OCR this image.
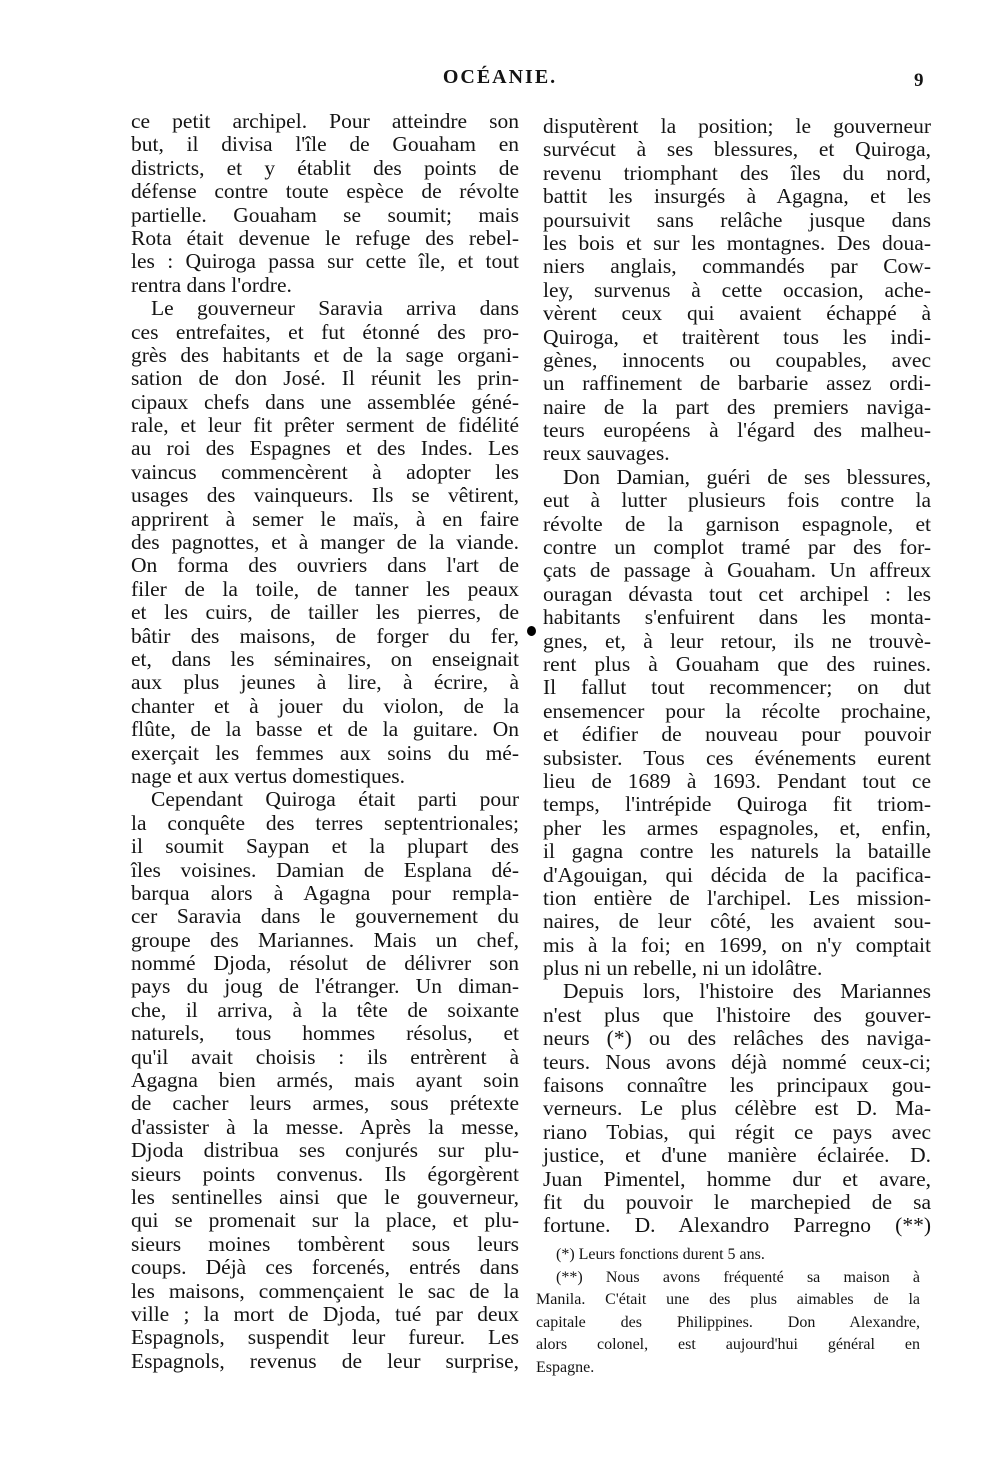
OCÉANIE.	9
ce petit archipel. Pour atteindre son
but, il divisa l'île de Gouaham en
districts, et y établit des points de
défense contre toute espèce de révolte
partielle. Gouaham se soumit; mais
Rota était devenue le refuge des rebel-
les : Quiroga passa sur cette île, et tout
rentra dans l'ordre.
Le gouverneur Saravia arriva dans
ces entrefaites, et fut étonné des pro-
grès des habitants et de la sage organi-
sation de don José. Il réunit les prin-
cipaux chefs dans une assemblée géné-
rale, et leur fit prêter serment de fidélité
au roi des Espagnes et des Indes. Les
vaincus commencèrent à adopter les
usages des vainqueurs. Ils se vêtirent,
apprirent à semer le maïs, à en faire
des pagnottes, et à manger de la viande.
On forma des ouvriers dans l'art de
filer de la toile, de tanner les peaux
et les cuirs, de tailler les pierres, de
bâtir des maisons, de forger du fer,
et, dans les séminaires, on enseignait
aux plus jeunes à lire, à écrire, à
chanter et à jouer du violon, de la
flûte, de la basse et de la guitare. On
exerçait les femmes aux soins du mé-
nage et aux vertus domestiques.
Cependant Quiroga était parti pour
la conquête des terres septentrionales;
il soumit Saypan et la plupart des
îles voisines. Damian de Esplana dé-
barqua alors à Agagna pour rempla-
cer Saravia dans le gouvernement du
groupe des Mariannes. Mais un chef,
nommé Djoda, résolut de délivrer son
pays du joug de l'étranger. Un diman-
che, il arriva, à la tête de soixante
naturels, tous hommes résolus, et
qu'il avait choisis : ils entrèrent à
Agagna bien armés, mais ayant soin
de cacher leurs armes, sous prétexte
d'assister à la messe. Après la messe,
Djoda distribua ses conjurés sur plu-
sieurs points convenus. Ils égorgèrent
les sentinelles ainsi que le gouverneur,
qui se promenait sur la place, et plu-
sieurs moines tombèrent sous leurs
coups. Déjà ces forcenés, entrés dans
les maisons, commençaient le sac de la
ville ; la mort de Djoda, tué par deux
Espagnols, suspendit leur fureur. Les
Espagnols, revenus de leur surprise,
disputèrent la position; le gouverneur
survécut à ses blessures, et Quiroga,
revenu triomphant des îles du nord,
battit les insurgés à Agagna, et les
poursuivit sans relâche jusque dans
les bois et sur les montagnes. Des doua-
niers anglais, commandés par Cow-
ley, survenus à cette occasion, ache-
vèrent ceux qui avaient échappé à
Quiroga, et traitèrent tous les indi-
gènes, innocents ou coupables, avec
un raffinement de barbarie assez ordi-
naire de la part des premiers naviga-
teurs européens à l'égard des malheu-
reux sauvages.
Don Damian, guéri de ses blessures,
eut à lutter plusieurs fois contre la
révolte de la garnison espagnole, et
contre un complot tramé par des for-
çats de passage à Gouaham. Un affreux
ouragan dévasta tout cet archipel : les
habitants s'enfuirent dans les monta-
gnes, et, à leur retour, ils ne trouvè-
rent plus à Gouaham que des ruines.
Il fallut tout recommencer; on dut
ensemencer pour la récolte prochaine,
et édifier de nouveau pour pouvoir
subsister. Tous ces événements eurent
lieu de 1689 à 1693. Pendant tout ce
temps, l'intrépide Quiroga fit triom-
pher les armes espagnoles, et, enfin,
il gagna contre les naturels la bataille
d'Agouigan, qui décida de la pacifica-
tion entière de l'archipel. Les mission-
naires, de leur côté, les avaient sou-
mis à la foi; en 1699, on n'y comptait
plus ni un rebelle, ni un idolâtre.
Depuis lors, l'histoire des Mariannes
n'est plus que l'histoire des gouver-
neurs (*) ou des relâches des naviga-
teurs. Nous avons déjà nommé ceux-ci;
faisons connaître les principaux gou-
verneurs. Le plus célèbre est D. Ma-
riano Tobias, qui régit ce pays avec
justice, et d'une manière éclairée. D.
Juan Pimentel, homme dur et avare,
fit du pouvoir le marchepied de sa
fortune. D. Alexandro Parregno (**)
(*) Leurs fonctions durent 5 ans.
(**) Nous avons fréquenté sa maison à
Manila. C'était une des plus aimables de la
capitale des Philippines. Don Alexandre,
alors colonel, est aujourd'hui général en
Espagne.
